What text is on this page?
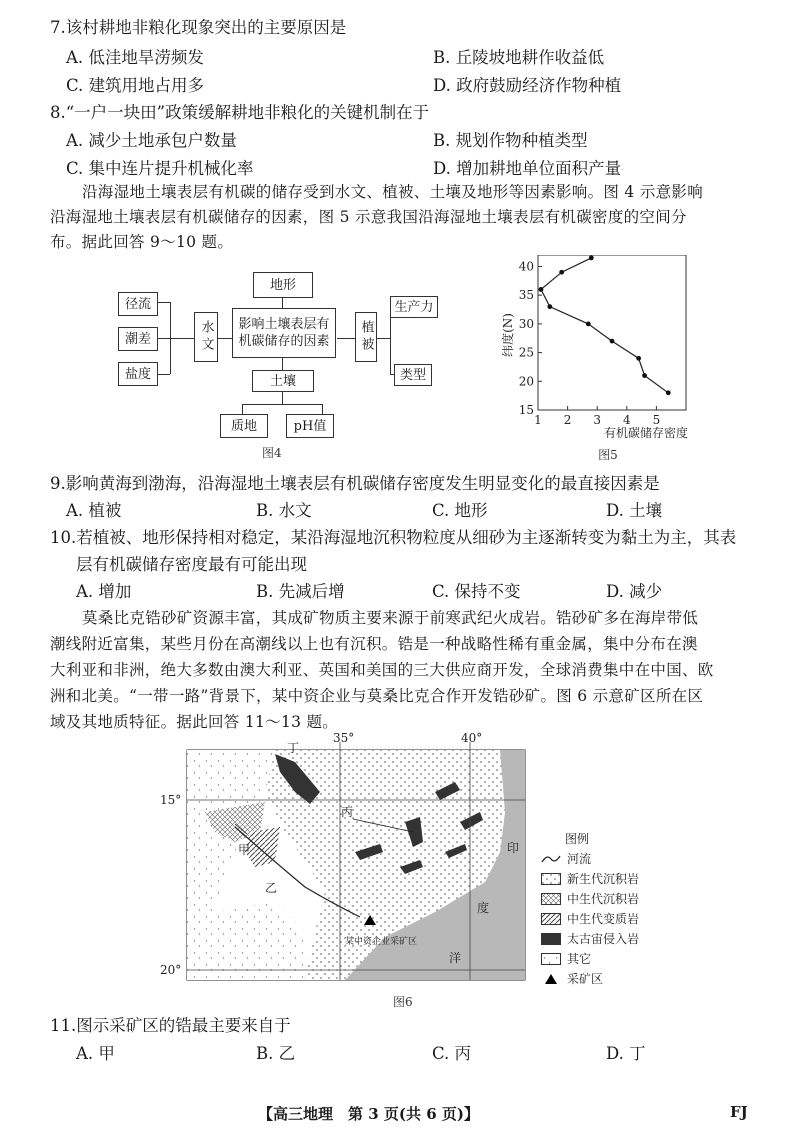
7.该村耕地非粮化现象突出的主要原因是
A. 低洼地旱涝频发	B. 丘陵坡地耕作收益低
C. 建筑用地占用多	D. 政府鼓励经济作物种植
8.“一户一块田”政策缓解耕地非粮化的关键机制在于
A. 减少土地承包户数量	B. 规划作物种植类型
C. 集中连片提升机械化率	D. 增加耕地单位面积产量
沿海湿地土壤表层有机碳的储存受到水文、植被、土壤及地形等因素影响。图 4 示意影响
沿海湿地土壤表层有机碳储存的因素，图 5 示意我国沿海湿地土壤表层有机碳密度的空间分
布。据此回答 9～10 题。
地形
影响土壤表层有机碳储存的因素
水文	植被
土壤
径流
潮差
盐度
生产力
类型
质地	pH值
图4
15
20
25
30
35
40
1 2 3 4 5
纬度(N)
有机碳储存密度
图5
9.影响黄海到渤海，沿海湿地土壤表层有机碳储存密度发生明显变化的最直接因素是
A. 植被	B. 水文	C. 地形	D. 土壤
10.若植被、地形保持相对稳定，某沿海湿地沉积物粒度从细砂为主逐渐转变为黏土为主，其表
层有机碳储存密度最有可能出现
A. 增加	B. 先减后增	C. 保持不变	D. 减少
莫桑比克锆砂矿资源丰富，其成矿物质主要来源于前寒武纪火成岩。锆砂矿多在海岸带低
潮线附近富集，某些月份在高潮线以上也有沉积。锆是一种战略性稀有重金属，集中分布在澳
大利亚和非洲，绝大多数由澳大利亚、英国和美国的三大供应商开发，全球消费集中在中国、欧
洲和北美。“一带一路”背景下，某中资企业与莫桑比克合作开发锆砂矿。图 6 示意矿区所在区
域及其地质特征。据此回答 11～13 题。
35°	40°
15°
20°
甲
乙
丙
丁
印
度
洋
某中资企业采矿区
图6
图例
河流
新生代沉积岩
中生代沉积岩
中生代变质岩
太古宙侵入岩
其它
采矿区
11.图示采矿区的锆最主要来自于
A. 甲	B. 乙	C. 丙	D. 丁
【高三地理　第 3 页(共 6 页)】	FJ
